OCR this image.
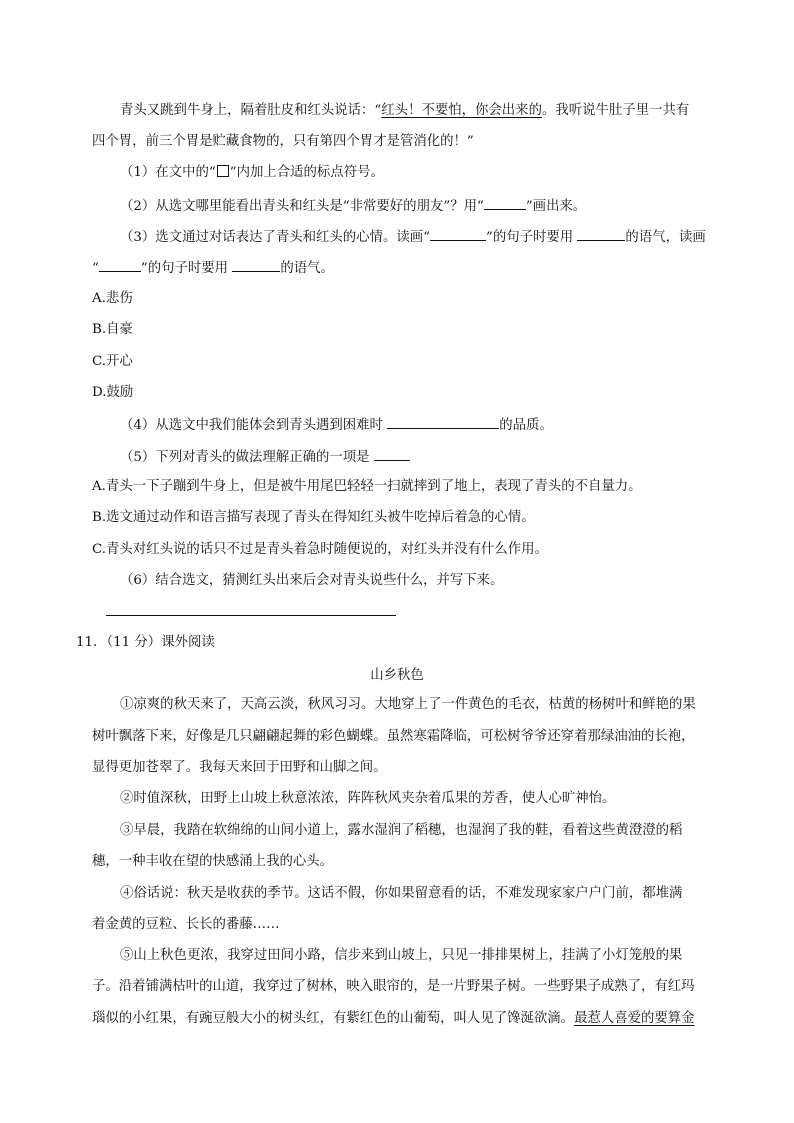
青头又跳到牛身上，隔着肚皮和红头说话：“红头！不要怕，你会出来的。我听说牛肚子里一共有
四个胃，前三个胃是贮藏食物的，只有第四个胃才是管消化的！”
（1）在文中的“ ”内加上合适的标点符号。
（2）从选文哪里能看出青头和红头是“非常要好的朋友”？用“	”画出来。
（3）选文通过对话表达了青头和红头的心情。读画“	”的句子时要用	的语气，读画
“	”的句子时要用	的语气。
A.悲伤
B.自豪
C.开心
D.鼓励
（4）从选文中我们能体会到青头遇到困难时	的品质。
（5）下列对青头的做法理解正确的一项是
A.青头一下子蹦到牛身上，但是被牛用尾巴轻轻一扫就摔到了地上，表现了青头的不自量力。
B.选文通过动作和语言描写表现了青头在得知红头被牛吃掉后着急的心情。
C.青头对红头说的话只不过是青头着急时随便说的，对红头并没有什么作用。
（6）结合选文，猜测红头出来后会对青头说些什么，并写下来。
11．（11 分）课外阅读
山乡秋色
①凉爽的秋天来了，天高云淡，秋风习习。大地穿上了一件黄色的毛衣，枯黄的杨树叶和鲜艳的果
树叶飘落下来，好像是几只翩翩起舞的彩色蝴蝶。虽然寒霜降临，可松树爷爷还穿着那绿油油的长袍，
显得更加苍翠了。我每天来回于田野和山脚之间。
②时值深秋，田野上山坡上秋意浓浓，阵阵秋风夹杂着瓜果的芳香，使人心旷神怡。
③早晨，我踏在软绵绵的山间小道上，露水湿润了稻穗，也湿润了我的鞋，看着这些黄澄澄的稻
穗，一种丰收在望的快感涌上我的心头。
④俗话说：秋天是收获的季节。这话不假，你如果留意看的话，不难发现家家户户门前，都堆满
着金黄的豆粒、长长的番藤……
⑤山上秋色更浓，我穿过田间小路，信步来到山坡上，只见一排排果树上，挂满了小灯笼般的果
子。沿着铺满枯叶的山道，我穿过了树林，映入眼帘的，是一片野果子树。一些野果子成熟了，有红玛
瑙似的小红果，有豌豆般大小的树头红，有紫红色的山葡萄，叫人见了馋涎欲滴。最惹人喜爱的要算金
